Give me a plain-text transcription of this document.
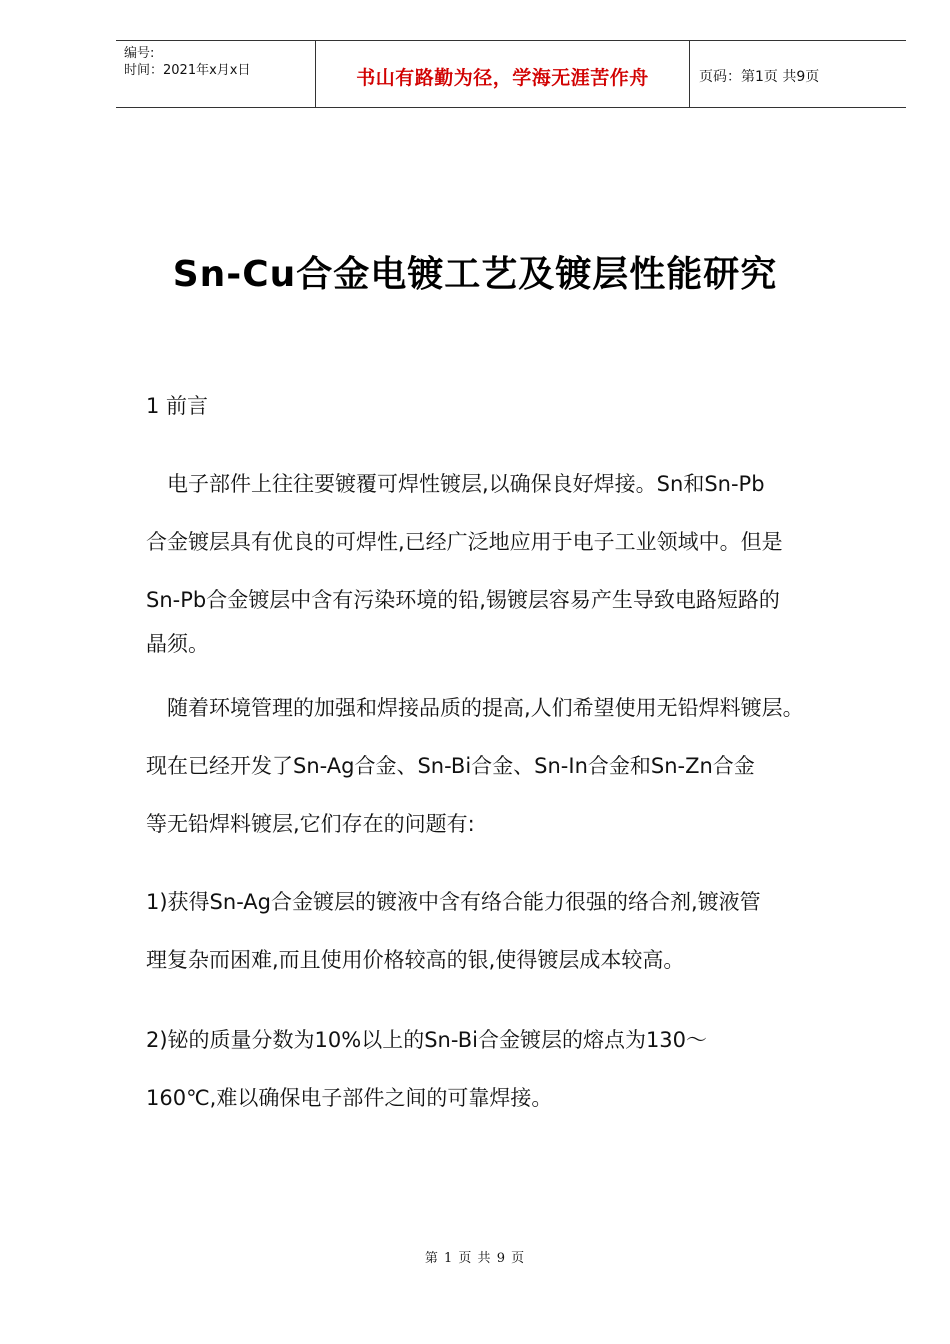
编号:
时间：2021年x月x日	书山有路勤为径，学海无涯苦作舟	页码：第1页 共9页
Sn-Cu合金电镀工艺及镀层性能研究
1 前言
　电子部件上往往要镀覆可焊性镀层,以确保良好焊接。Sn和Sn-Pb
合金镀层具有优良的可焊性,已经广泛地应用于电子工业领域中。但是
Sn-Pb合金镀层中含有污染环境的铅,锡镀层容易产生导致电路短路的
晶须。
　随着环境管理的加强和焊接品质的提高,人们希望使用无铅焊料镀层。
现在已经开发了Sn-Ag合金、Sn-Bi合金、Sn-In合金和Sn-Zn合金
等无铅焊料镀层,它们存在的问题有:
1)获得Sn-Ag合金镀层的镀液中含有络合能力很强的络合剂,镀液管
理复杂而困难,而且使用价格较高的银,使得镀层成本较高。
2)铋的质量分数为10%以上的Sn-Bi合金镀层的熔点为130～
160℃,难以确保电子部件之间的可靠焊接。
第 1 页 共 9 页
